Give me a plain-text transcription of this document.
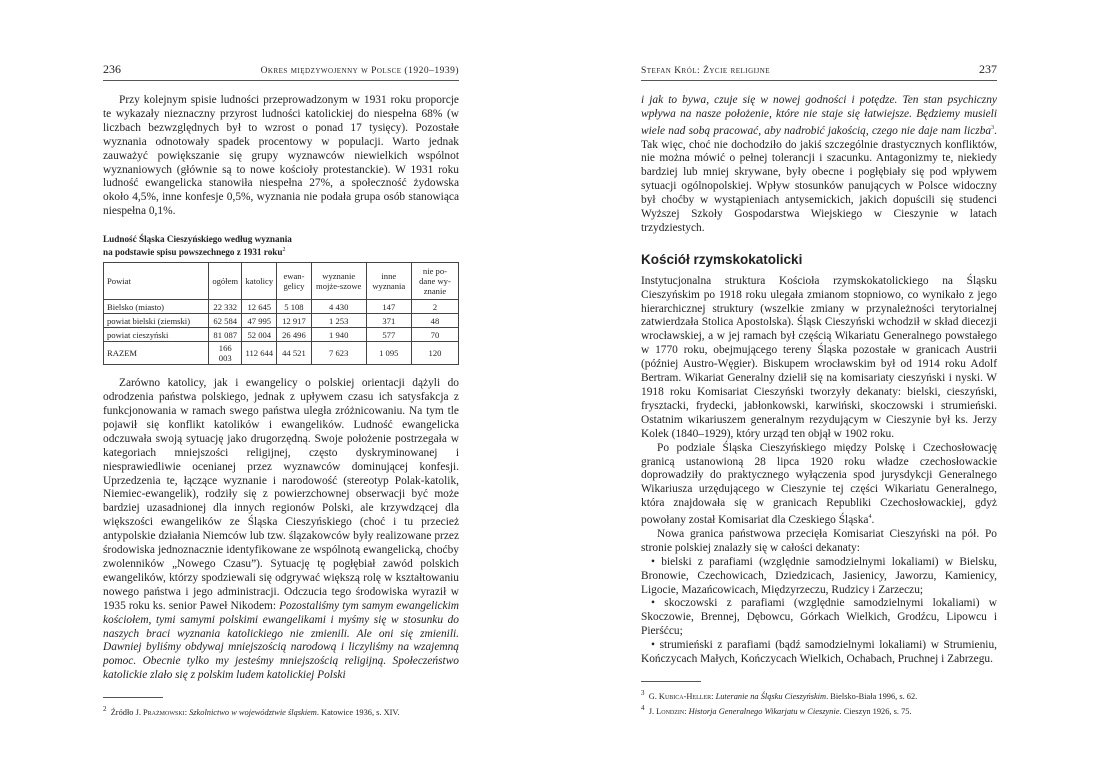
236	Okres międzywojenny w Polsce (1920–1939)

Przy kolejnym spisie ludności przeprowadzonym w 1931 roku proporcje te wykazały nieznaczny przyrost ludności katolickiej do niespełna 68% (w liczbach bezwzględnych był to wzrost o ponad 17 tysięcy). Pozostałe wyznania odnotowały spadek procentowy w populacji. Warto jednak zauważyć powiększanie się grupy wyznawców niewielkich wspólnot wyznaniowych (głównie są to nowe kościoły protestanckie). W 1931 roku ludność ewangelicka stanowiła niespełna 27%, a społeczność żydowska około 4,5%, inne konfesje 0,5%, wyznania nie podała grupa osób stanowiąca niespełna 0,1%.

Ludność Śląska Cieszyńskiego według wyznania
na podstawie spisu powszechnego z 1931 roku$^2$
Powiat	ogółem	katolicy	ewan-gelicy	wyznanie mojże-szowe	inne wyznania	nie po-dane wy-znanie
Bielsko (miasto)	22 332	12 645	5 108	4 430	147	2
powiat bielski (ziemski)	62 584	47 995	12 917	1 253	371	48
powiat cieszyński	81 087	52 004	26 496	1 940	577	70
RAZEM	166 003	112 644	44 521	7 623	1 095	120

Zarówno katolicy, jak i ewangelicy o polskiej orientacji dążyli do odrodzenia państwa polskiego, jednak z upływem czasu ich satysfakcja z funkcjonowania w ramach swego państwa uległa zróżnicowaniu. Na tym tle pojawił się konflikt katolików i ewangelików. Ludność ewangelicka odczuwała swoją sytuację jako drugorzędną. Swoje położenie postrzegała w kategoriach mniejszości religijnej, często dyskryminowanej i niesprawiedliwie ocenianej przez wyznawców dominującej konfesji. Uprzedzenia te, łączące wyznanie i narodowość (stereotyp Polak-katolik, Niemiec-ewangelik), rodziły się z powierzchownej obserwacji być może bardziej uzasadnionej dla innych regionów Polski, ale krzywdzącej dla większości ewangelików ze Śląska Cieszyńskiego (choć i tu przecież antypolskie działania Niemców lub tzw. ślązakowców były realizowane przez środowiska jednoznacznie identyfikowane ze wspólnotą ewangelicką, choćby zwolenników „Nowego Czasu”). Sytuację tę pogłębiał zawód polskich ewangelików, którzy spodziewali się odgrywać większą rolę w kształtowaniu nowego państwa i jego administracji. Odczucia tego środowiska wyraził w 1935 roku ks. senior Paweł Nikodem: Pozostaliśmy tym samym ewangelickim kościołem, tymi samymi polskimi ewangelikami i myśmy się w stosunku do naszych braci wyznania katolickiego nie zmienili. Ale oni się zmienili. Dawniej byliśmy obdywaj mniejszością narodową i liczyliśmy na wzajemną pomoc. Obecnie tylko my jesteśmy mniejszością religijną. Społeczeństwo katolickie zlało się z polskim ludem katolickiej Polski

$^2$ Źródło J. Prażmowski: Szkolnictwo w województwie śląskiem. Katowice 1936, s. XIV.
Stefan Król: Życie religijne	237

i jak to bywa, czuje się w nowej godności i potędze. Ten stan psychiczny wpływa na nasze położenie, które nie staje się łatwiejsze. Będziemy musieli wiele nad sobą pracować, aby nadrobić jakością, czego nie daje nam liczba$^3$. Tak więc, choć nie dochodziło do jakiś szczególnie drastycznych konfliktów, nie można mówić o pełnej tolerancji i szacunku. Antagonizmy te, niekiedy bardziej lub mniej skrywane, były obecne i pogłębiały się pod wpływem sytuacji ogólnopolskiej. Wpływ stosunków panujących w Polsce widoczny był choćby w wystąpieniach antysemickich, jakich dopuścili się studenci Wyższej Szkoły Gospodarstwa Wiejskiego w Cieszynie w latach trzydziestych.

Kościół rzymskokatolicki

Instytucjonalna struktura Kościoła rzymskokatolickiego na Śląsku Cieszyńskim po 1918 roku ulegała zmianom stopniowo, co wynikało z jego hierarchicznej struktury (wszelkie zmiany w przynależności terytorialnej zatwierdzała Stolica Apostolska). Śląsk Cieszyński wchodził w skład diecezji wrocławskiej, a w jej ramach był częścią Wikariatu Generalnego powstałego w 1770 roku, obejmującego tereny Śląska pozostałe w granicach Austrii (później Austro-Węgier). Biskupem wrocławskim był od 1914 roku Adolf Bertram. Wikariat Generalny dzielił się na komisariaty cieszyński i nyski. W 1918 roku Komisariat Cieszyński tworzyły dekanaty: bielski, cieszyński, frysztacki, frydecki, jabłonkowski, karwiński, skoczowski i strumieński. Ostatnim wikariuszem generalnym rezydującym w Cieszynie był ks. Jerzy Kolek (1840–1929), który urząd ten objął w 1902 roku.

Po podziale Śląska Cieszyńskiego między Polskę i Czechosłowację granicą ustanowioną 28 lipca 1920 roku władze czechosłowackie doprowadziły do praktycznego wyłączenia spod jurysdykcji Generalnego Wikariusza urzędującego w Cieszynie tej części Wikariatu Generalnego, która znajdowała się w granicach Republiki Czechosłowackiej, gdyż powołany został Komisariat dla Czeskiego Śląska$^4$.

Nowa granica państwowa przecięła Komisariat Cieszyński na pół. Po stronie polskiej znalazły się w całości dekanaty:

• bielski z parafiami (względnie samodzielnymi lokaliami) w Bielsku, Bronowie, Czechowicach, Dziedzicach, Jasienicy, Jaworzu, Kamienicy, Ligocie, Mazańcowicach, Międzyrzeczu, Rudzicy i Zarzeczu;

• skoczowski z parafiami (względnie samodzielnymi lokaliami) w Skoczowie, Brennej, Dębowcu, Górkach Wielkich, Grodźcu, Lipowcu i Pierśćcu;

• strumieński z parafiami (bądź samodzielnymi lokaliami) w Strumieniu, Kończycach Małych, Kończycach Wielkich, Ochabach, Pruchnej i Zabrzegu.

$^3$ G. Kubica-Heller: Luteranie na Śląsku Cieszyńskim. Bielsko-Biała 1996, s. 62.
$^4$ J. Londzin: Historja Generalnego Wikarjatu w Cieszynie. Cieszyn 1926, s. 75.
